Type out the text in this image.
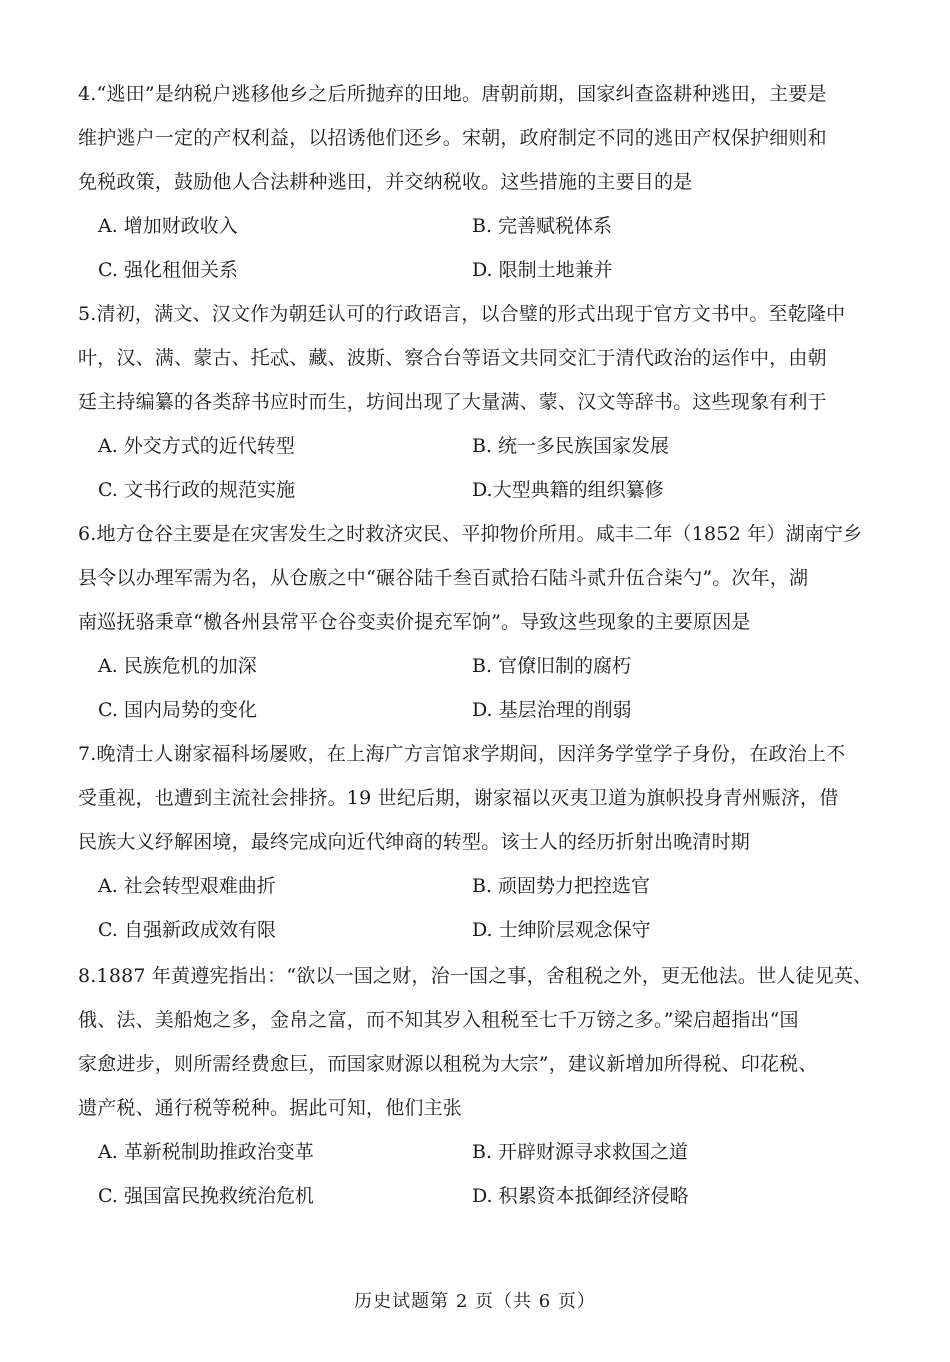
4.“逃田”是纳税户逃移他乡之后所抛弃的田地。唐朝前期，国家纠查盗耕种逃田，主要是
维护逃户一定的产权利益，以招诱他们还乡。宋朝，政府制定不同的逃田产权保护细则和
免税政策，鼓励他人合法耕种逃田，并交纳税收。这些措施的主要目的是
A. 增加财政收入	B. 完善赋税体系
C. 强化租佃关系	D. 限制土地兼并
5.清初，满文、汉文作为朝廷认可的行政语言，以合璧的形式出现于官方文书中。至乾隆中
叶，汉、满、蒙古、托忒、藏、波斯、察合台等语文共同交汇于清代政治的运作中，由朝
廷主持编纂的各类辞书应时而生，坊间出现了大量满、蒙、汉文等辞书。这些现象有利于
A. 外交方式的近代转型	B. 统一多民族国家发展
C. 文书行政的规范实施	D.大型典籍的组织纂修
6.地方仓谷主要是在灾害发生之时救济灾民、平抑物价所用。咸丰二年（1852 年）湖南宁乡
县令以办理军需为名，从仓廒之中“碾谷陆千叁百贰拾石陆斗贰升伍合柒勺”。次年，湖
南巡抚骆秉章“檄各州县常平仓谷变卖价提充军饷”。导致这些现象的主要原因是
A. 民族危机的加深	B. 官僚旧制的腐朽
C. 国内局势的变化	D. 基层治理的削弱
7.晚清士人谢家福科场屡败，在上海广方言馆求学期间，因洋务学堂学子身份，在政治上不
受重视，也遭到主流社会排挤。19 世纪后期，谢家福以灭夷卫道为旗帜投身青州赈济，借
民族大义纾解困境，最终完成向近代绅商的转型。该士人的经历折射出晚清时期
A. 社会转型艰难曲折	B. 顽固势力把控选官
C. 自强新政成效有限	D. 士绅阶层观念保守
8.1887 年黄遵宪指出：“欲以一国之财，治一国之事，舍租税之外，更无他法。世人徒见英、
俄、法、美船炮之多，金帛之富，而不知其岁入租税至七千万镑之多。”梁启超指出“国
家愈进步，则所需经费愈巨，而国家财源以租税为大宗”，建议新增加所得税、印花税、
遗产税、通行税等税种。据此可知，他们主张
A. 革新税制助推政治变革	B. 开辟财源寻求救国之道
C. 强国富民挽救统治危机	D. 积累资本抵御经济侵略
历史试题第 2 页（共 6 页）
